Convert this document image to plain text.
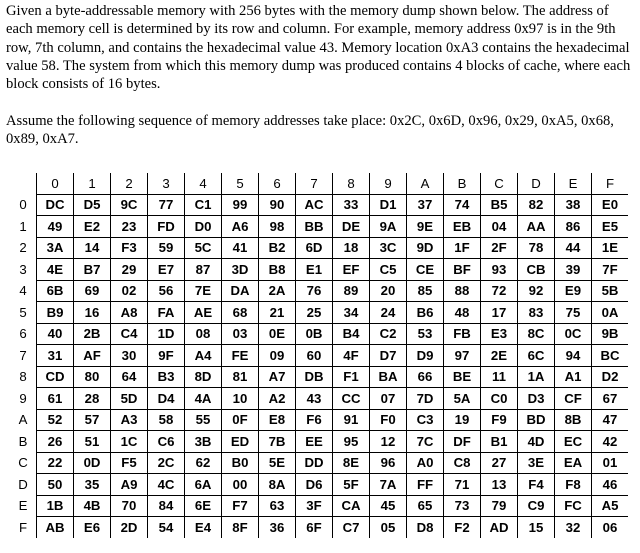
Given a byte-addressable memory with 256 bytes with the memory dump shown below. The address of each memory cell is determined by its row and column. For example, memory address 0x97 is in the 9th row, 7th column, and contains the hexadecimal value 43. Memory location 0xA3 contains the hexadecimal value 58. The system from which this memory dump was produced contains 4 blocks of cache, where each block consists of 16 bytes.
Assume the following sequence of memory addresses take place: 0x2C, 0x6D, 0x96, 0x29, 0xA5, 0x68, 0x89, 0xA7.
	0	1	2	3	4	5	6	7	8	9	A	B	C	D	E	F
0	DC	D5	9C	77	C1	99	90	AC	33	D1	37	74	B5	82	38	E0
1	49	E2	23	FD	D0	A6	98	BB	DE	9A	9E	EB	04	AA	86	E5
2	3A	14	F3	59	5C	41	B2	6D	18	3C	9D	1F	2F	78	44	1E
3	4E	B7	29	E7	87	3D	B8	E1	EF	C5	CE	BF	93	CB	39	7F
4	6B	69	02	56	7E	DA	2A	76	89	20	85	88	72	92	E9	5B
5	B9	16	A8	FA	AE	68	21	25	34	24	B6	48	17	83	75	0A
6	40	2B	C4	1D	08	03	0E	0B	B4	C2	53	FB	E3	8C	0C	9B
7	31	AF	30	9F	A4	FE	09	60	4F	D7	D9	97	2E	6C	94	BC
8	CD	80	64	B3	8D	81	A7	DB	F1	BA	66	BE	11	1A	A1	D2
9	61	28	5D	D4	4A	10	A2	43	CC	07	7D	5A	C0	D3	CF	67
A	52	57	A3	58	55	0F	E8	F6	91	F0	C3	19	F9	BD	8B	47
B	26	51	1C	C6	3B	ED	7B	EE	95	12	7C	DF	B1	4D	EC	42
C	22	0D	F5	2C	62	B0	5E	DD	8E	96	A0	C8	27	3E	EA	01
D	50	35	A9	4C	6A	00	8A	D6	5F	7A	FF	71	13	F4	F8	46
E	1B	4B	70	84	6E	F7	63	3F	CA	45	65	73	79	C9	FC	A5
F	AB	E6	2D	54	E4	8F	36	6F	C7	05	D8	F2	AD	15	32	06
